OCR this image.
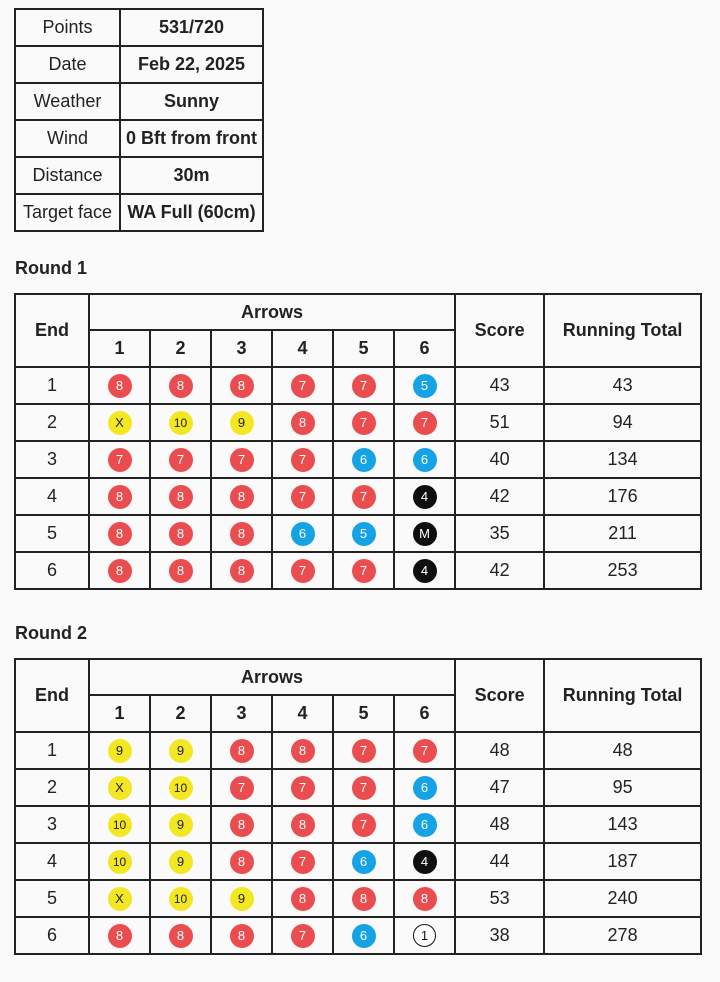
Points	531/720
Date	Feb 22, 2025
Weather	Sunny
Wind	0 Bft from front
Distance	30m
Target face	WA Full (60cm)
Round 1
End	Arrows						Score	Running Total
	1	2	3	4	5	6		
1	8	8	8	7	7	5	43	43
2	X	10	9	8	7	7	51	94
3	7	7	7	7	6	6	40	134
4	8	8	8	7	7	4	42	176
5	8	8	8	6	5	M	35	211
6	8	8	8	7	7	4	42	253
Round 2
End	Arrows						Score	Running Total
	1	2	3	4	5	6		
1	9	9	8	8	7	7	48	48
2	X	10	7	7	7	6	47	95
3	10	9	8	8	7	6	48	143
4	10	9	8	7	6	4	44	187
5	X	10	9	8	8	8	53	240
6	8	8	8	7	6	1	38	278
